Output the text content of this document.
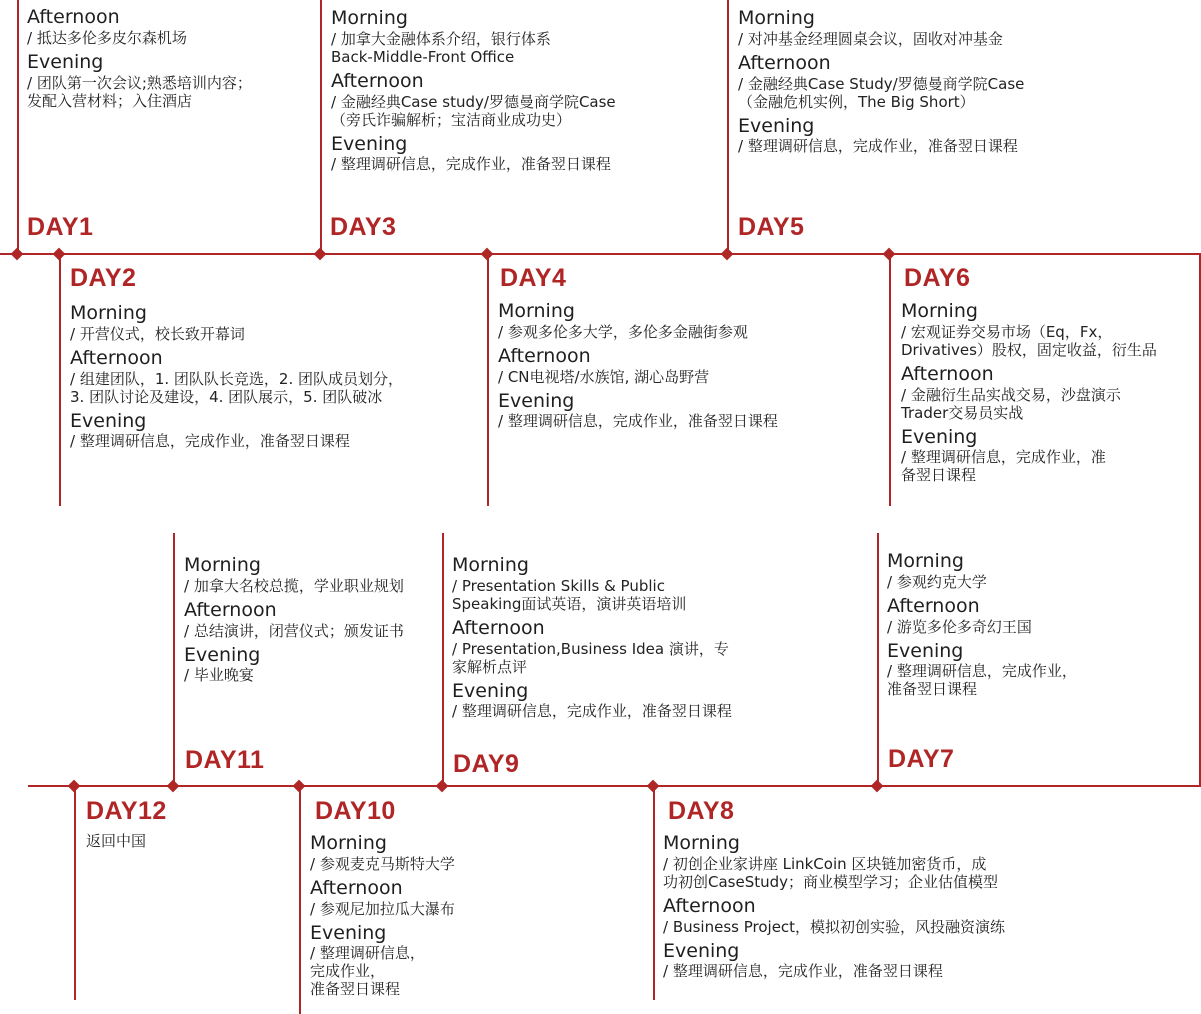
Afternoon
/ 抵达多伦多皮尔森机场
Evening
/ 团队第一次会议;熟悉培训内容；
发配入营材料；入住酒店
DAY1
Morning
/ 加拿大金融体系介绍，银行体系
Back-Middle-Front Office
Afternoon
/ 金融经典Case study/罗德曼商学院Case
（旁氏诈骗解析；宝洁商业成功史）
Evening
/ 整理调研信息，完成作业，准备翌日课程
DAY3
Morning
/ 对冲基金经理圆桌会议，固收对冲基金
Afternoon
/ 金融经典Case Study/罗德曼商学院Case
（金融危机实例，The Big Short）
Evening
/ 整理调研信息，完成作业，准备翌日课程
DAY5
DAY2
Morning
/ 开营仪式，校长致开幕词
Afternoon
/ 组建团队，1. 团队队长竞选，2. 团队成员划分，
3. 团队讨论及建设，4. 团队展示，5. 团队破冰
Evening
/ 整理调研信息，完成作业，准备翌日课程
DAY4
Morning
/ 参观多伦多大学，多伦多金融街参观
Afternoon
/ CN电视塔/水族馆, 湖心岛野营
Evening
/ 整理调研信息，完成作业，准备翌日课程
DAY6
Morning
/ 宏观证券交易市场（Eq，Fx，
Drivatives）股权，固定收益，衍生品
Afternoon
/ 金融衍生品实战交易，沙盘演示
Trader交易员实战
Evening
/ 整理调研信息，完成作业，准
备翌日课程
Morning
/ 加拿大名校总揽，学业职业规划
Afternoon
/ 总结演讲，闭营仪式；颁发证书
Evening
/ 毕业晚宴
DAY11
Morning
/ Presentation Skills & Public
Speaking面试英语，演讲英语培训
Afternoon
/ Presentation,Business Idea 演讲，专
家解析点评
Evening
/ 整理调研信息，完成作业，准备翌日课程
DAY9
Morning
/ 参观约克大学
Afternoon
/ 游览多伦多奇幻王国
Evening
/ 整理调研信息，完成作业，
准备翌日课程
DAY7
DAY12
返回中国
DAY10
Morning
/ 参观麦克马斯特大学
Afternoon
/ 参观尼加拉瓜大瀑布
Evening
/ 整理调研信息，
完成作业，
准备翌日课程
DAY8
Morning
/ 初创企业家讲座 LinkCoin 区块链加密货币，成
功初创CaseStudy；商业模型学习；企业估值模型
Afternoon
/ Business Project，模拟初创实验，风投融资演练
Evening
/ 整理调研信息，完成作业，准备翌日课程
